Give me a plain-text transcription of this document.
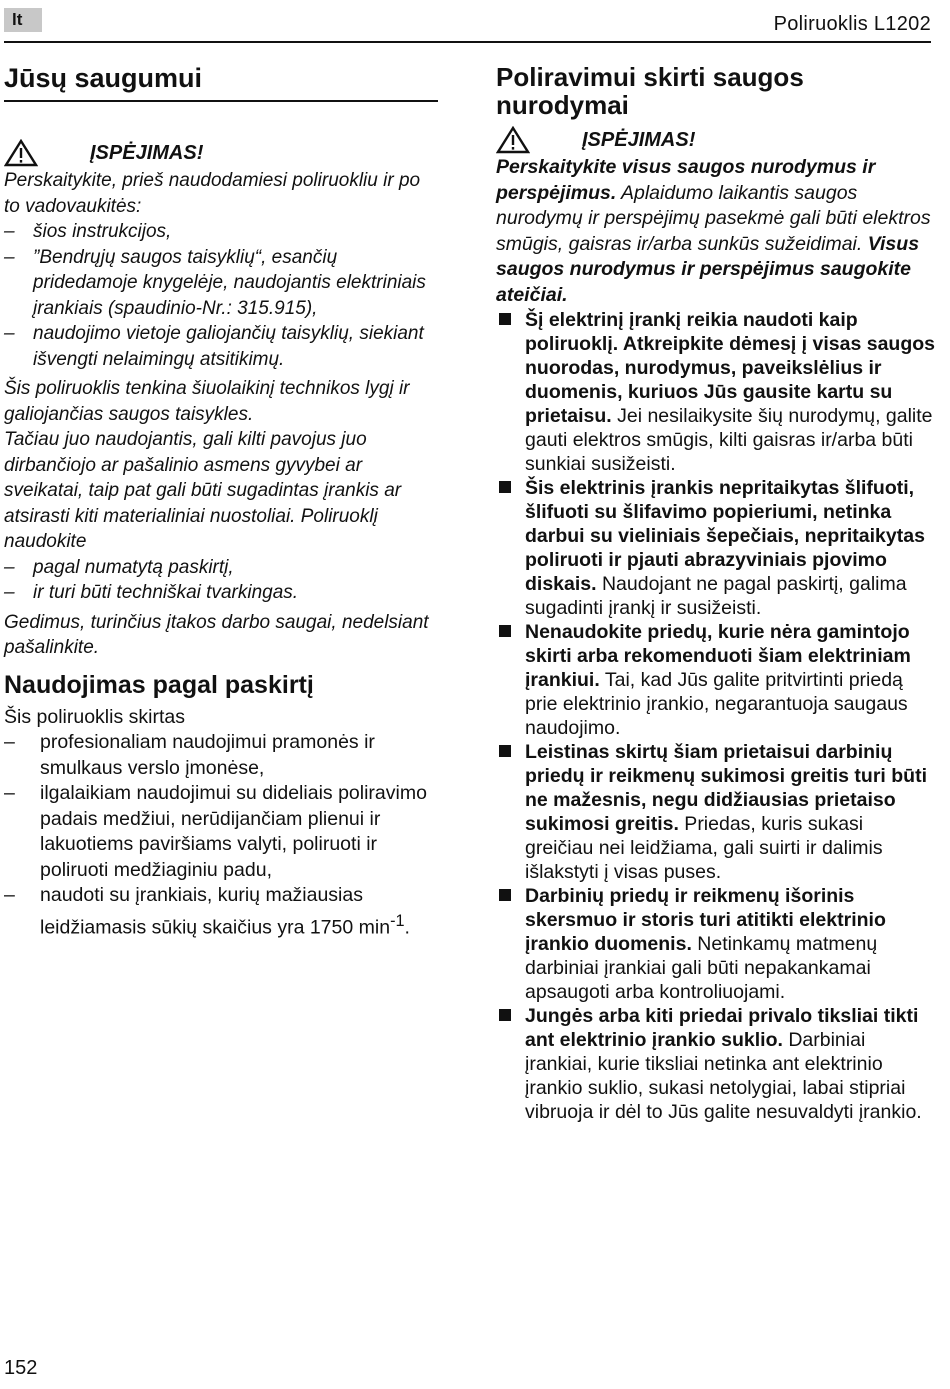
lt	Poliruoklis L1202
Jūsų saugumui
ĮSPĖJIMAS!

Perskaitykite, prieš naudodamiesi poliruokliu ir po to vadovaukitės:

– šios instrukcijos,
– ”Bendrųjų saugos taisyklių“, esančių pridedamoje knygelėje, naudojantis elektriniais įrankiais (spaudinio-Nr.: 315.915),
– naudojimo vietoje galiojančių taisyklių, siekiant išvengti nelaimingų atsitikimų.

Šis poliruoklis tenkina šiuolaikinį technikos lygį ir galiojančias saugos taisykles.

Tačiau juo naudojantis, gali kilti pavojus juo dirbančiojo ar pašalinio asmens gyvybei ar sveikatai, taip pat gali būti sugadintas įrankis ar atsirasti kiti materialiniai nuostoliai. Poliruoklį naudokite

– pagal numatytą paskirtį,
– ir turi būti techniškai tvarkingas.

Gedimus, turinčius įtakos darbo saugai, nedelsiant pašalinkite.

Naudojimas pagal paskirtį

Šis poliruoklis skirtas

– profesionaliam naudojimui pramonės ir smulkaus verslo įmonėse,
– ilgalaikiam naudojimui su dideliais poliravimo padais medžiui, nerūdijančiam plienui ir lakuotiems paviršiams valyti, poliruoti ir poliruoti medžiaginiu padu,
– naudoti su įrankiais, kurių mažiausias leidžiamasis sūkių skaičius yra 1750 $\min^{-1}$.
Poliravimui skirti saugos nurodymai
ĮSPĖJIMAS!

Perskaitykite visus saugos nurodymus ir perspėjimus. Aplaidumo laikantis saugos nurodymų ir perspėjimų pasekmė gali būti elektros smūgis, gaisras ir/arba sunkūs sužeidimai. Visus saugos nurodymus ir perspėjimus saugokite ateičiai.

Šį elektrinį įrankį reikia naudoti kaip poliruoklį. Atkreipkite dėmesį į visas saugos nuorodas, nurodymus, paveikslėlius ir duomenis, kuriuos Jūs gausite kartu su prietaisu. Jei nesilaikysite šių nurodymų, galite gauti elektros smūgis, kilti gaisras ir/arba būti sunkiai susižeisti.
Šis elektrinis įrankis nepritaikytas šlifuoti, šlifuoti su šlifavimo popieriumi, netinka darbui su vieliniais šepečiais, nepritaikytas poliruoti ir pjauti abrazyviniais pjovimo diskais. Naudojant ne pagal paskirtį, galima sugadinti įrankį ir susižeisti.
Nenaudokite priedų, kurie nėra gamintojo skirti arba rekomenduoti šiam elektriniam įrankiui. Tai, kad Jūs galite pritvirtinti priedą prie elektrinio įrankio, negarantuoja saugaus naudojimo.
Leistinas skirtų šiam prietaisui darbinių priedų ir reikmenų sukimosi greitis turi būti ne mažesnis, negu didžiausias prietaiso sukimosi greitis. Priedas, kuris sukasi greičiau nei leidžiama, gali suirti ir dalimis išlakstyti į visas puses.
Darbinių priedų ir reikmenų išorinis skersmuo ir storis turi atitikti elektrinio įrankio duomenis. Netinkamų matmenų darbiniai įrankiai gali būti nepakankamai apsaugoti arba kontroliuojami.
Jungės arba kiti priedai privalo tiksliai tikti ant elektrinio įrankio suklio. Darbiniai įrankiai, kurie tiksliai netinka ant elektrinio įrankio suklio, sukasi netolygiai, labai stipriai vibruoja ir dėl to Jūs galite nesuvaldyti įrankio.
152
